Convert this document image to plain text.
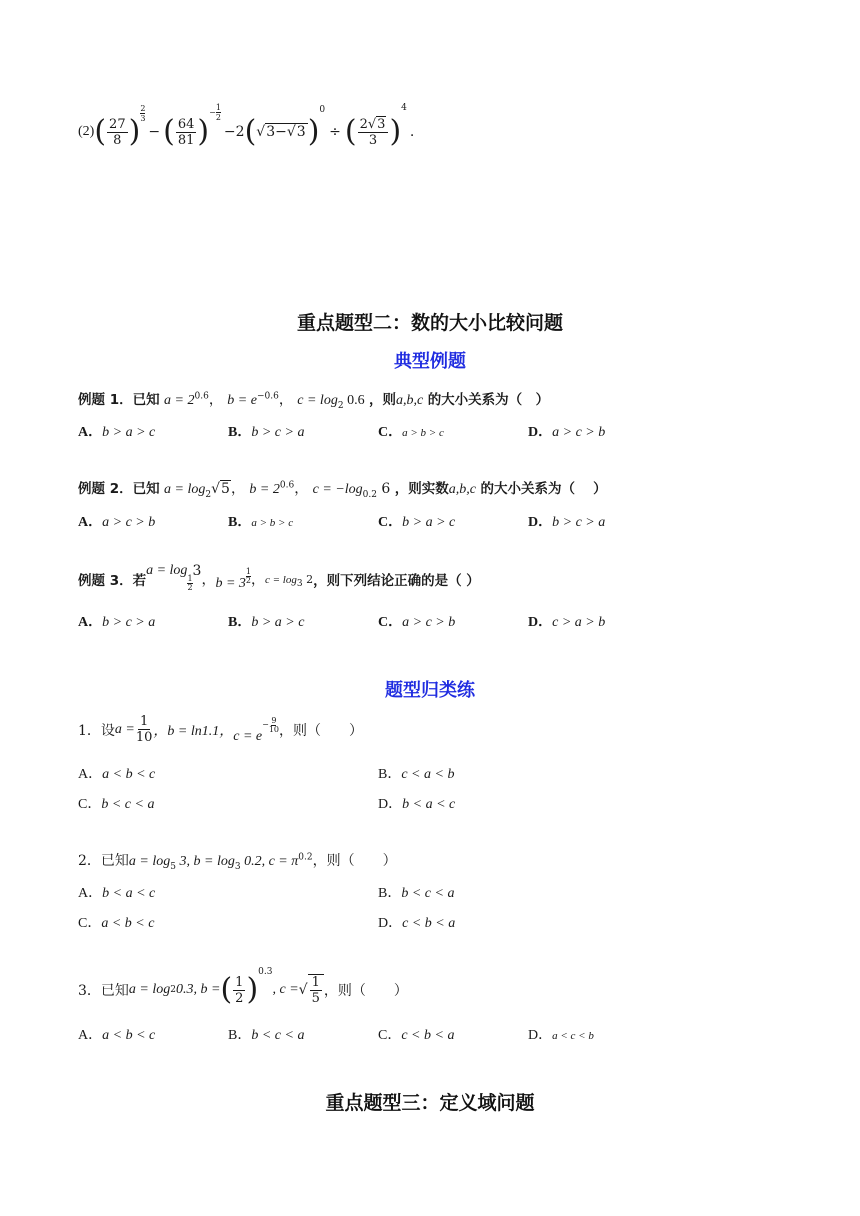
(2) ( $\frac{27}{8}$ )
2
3
− ( $\frac{64}{81}$ )
−
1
2
−2 ( √3−√3 )
0
÷ ( $\frac{2√3}{3}$ )
4
.
重点题型二：数的大小比较问题
典型例题
例题 1．已知 $a = 2^{0.6}$， $b = e^{-0.6}$， $c = \log_2 0.6$ ，则a,b,c 的大小关系为（　）
A．b > a > c	B．b > c > a	C．a > b > c	D．a > c > b
例题 2．已知 $a = \log_2√5$， $b = 2^{0.6}$， $c = -\log_{0.2}$ 6 ，则实数a,b,c 的大小关系为（　 ）
A．a > c > b	B．a > b > c	C．b > a > c	D．b > c > a
例题 3． 若
a = log
1
2
3
， b = 3
1
2 ， $c = \log_3 2$ ，则下列结论正确的是（ ）
A．b > c > a	B．b > a > c	C．a > c > b	D．c > a > b
题型归类练
1．设 $a = \frac{1}{10}$ ，b = ln1.1， c = e
− 9
10 ，则（　　）
A．a < b < c	B．c < a < b
C．b < c < a	D．b < a < c
2．已知$a = \log_5 3$, $b = \log_3 0.2$, $c = \pi^{0.2}$，则（　　）
A．b < a < c	B．b < c < a
C．a < b < c	D．c < b < a
3．已知 a = log 2 0.3, b = ( $\frac{1}{2}$ ) 0.3
, c = √ $\frac{1}{5}$ ，则（　　）
A．a < b < c	B．b < c < a	C．c < b < a	D．a < c < b
重点题型三：定义域问题
